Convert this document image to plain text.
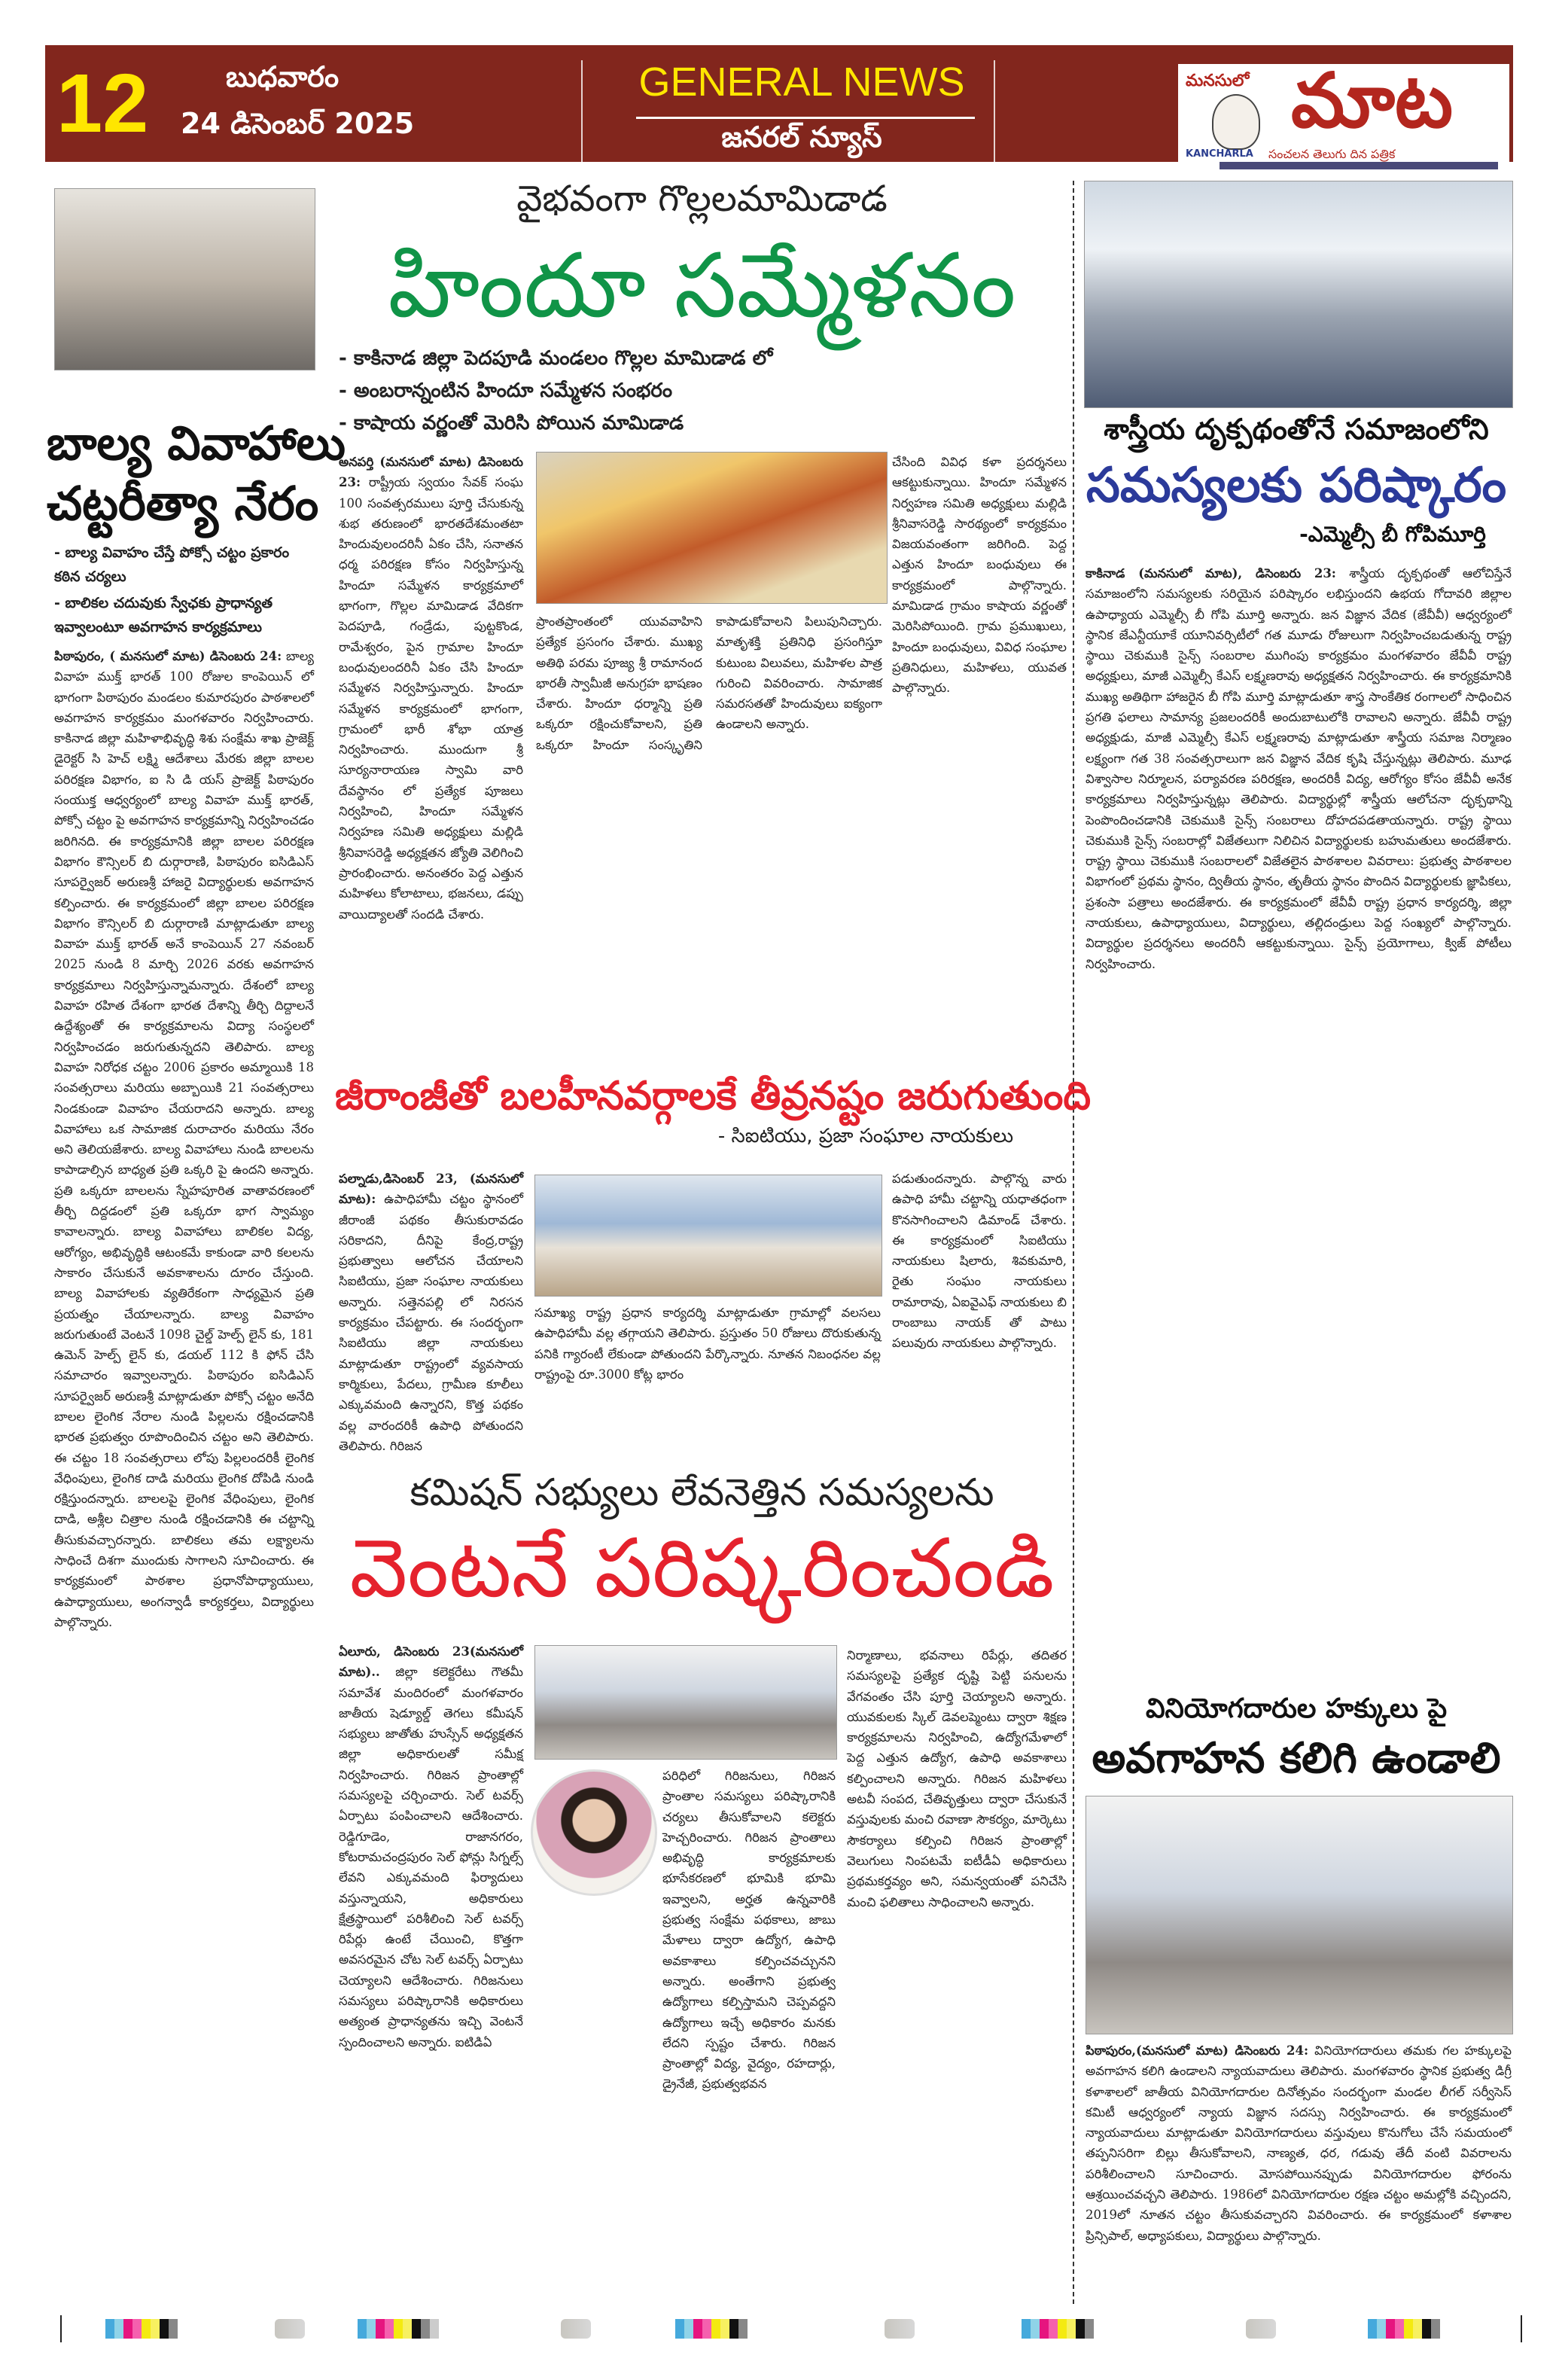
12	బుధవారం
24 డిసెంబర్ 2025
GENERAL NEWS
జనరల్ న్యూస్
మనసులో మాట
KANCHARLA సంచలన తెలుగు దిన పత్రిక
బాల్య వివాహాలు
చట్టరీత్యా నేరం
- బాల్య వివాహం చేస్తే పోక్సో చట్టం ప్రకారం కఠిన చర్యలు
- బాలికల చదువుకు స్వేఛకు ప్రాధాన్యత ఇవ్వాలంటూ అవగాహన కార్యక్రమాలు
పిఠాపురం, ( మనసులో మాట) డిసెంబరు 24: బాల్య వివాహ ముక్త్ భారత్ 100 రోజుల కాంపెయిన్ లో భాగంగా పిఠాపురం మండలం కుమారపురం పాఠశాలలో అవగాహన కార్యక్రమం మంగళవారం నిర్వహించారు. కాకినాడ జిల్లా మహిళాభివృద్ధి శిశు సంక్షేమ శాఖ ప్రాజెక్ట్ డైరెక్టర్ సి హెచ్ లక్ష్మి ఆదేశాలు మేరకు జిల్లా బాలల పరిరక్షణ విభాగం, ఐ సి డి యస్ ప్రాజెక్ట్ పిఠాపురం సంయుక్త ఆధ్వర్యంలో బాల్య వివాహ ముక్త్ భారత్, పోక్సో చట్టం పై అవగాహన కార్యక్రమాన్ని నిర్వహించడం జరిగినది. ఈ కార్యక్రమానికి జిల్లా బాలల పరిరక్షణ విభాగం కౌన్సిలర్ బి దుర్గారాణి, పిఠాపురం ఐసిడిఎస్ సూపర్వైజర్ అరుణశ్రీ హాజరై విద్యార్థులకు అవగాహన కల్పించారు. ఈ కార్యక్రమంలో జిల్లా బాలల పరిరక్షణ విభాగం కౌన్సిలర్ బి దుర్గారాణి మాట్లాడుతూ బాల్య వివాహ ముక్త్ భారత్ అనే కాంపెయిన్ 27 నవంబర్ 2025 నుండి 8 మార్చి 2026 వరకు అవగాహన కార్యక్రమాలు నిర్వహిస్తున్నామన్నారు. దేశంలో బాల్య వివాహ రహిత దేశంగా భారత దేశాన్ని తీర్చి దిద్దాలనే ఉద్దేశ్యంతో ఈ కార్యక్రమాలను విద్యా సంస్థలలో నిర్వహించడం జరుగుతున్నదని తెలిపారు. బాల్య వివాహ నిరోధక చట్టం 2006 ప్రకారం అమ్మాయికి 18 సంవత్సరాలు మరియు అబ్బాయికి 21 సంవత్సరాలు నిండకుండా వివాహం చేయరాదని అన్నారు. బాల్య వివాహాలు ఒక సామాజిక దురాచారం మరియు నేరం అని తెలియజేశారు. బాల్య వివాహాలు నుండి బాలలను కాపాడాల్సిన బాధ్యత ప్రతి ఒక్కరి పై ఉందని అన్నారు. ప్రతి ఒక్కరూ బాలలను స్నేహపూరిత వాతావరణంలో తీర్చి దిద్దడంలో ప్రతి ఒక్కరూ భాగ స్వామ్యం కావాలన్నారు. బాల్య వివాహాలు బాలికల విద్య, ఆరోగ్యం, అభివృద్ధికి ఆటంకమే కాకుండా వారి కలలను సాకారం చేసుకునే అవకాశాలను దూరం చేస్తుంది. బాల్య వివాహాలకు వ్యతిరేకంగా సాధ్యమైన ప్రతి ప్రయత్నం చేయాలన్నారు. బాల్య వివాహం జరుగుతుంటే వెంటనే 1098 చైల్డ్ హెల్ప్ లైన్ కు, 181 ఉమెన్ హెల్ప్ లైన్ కు, డయల్ 112 కి ఫోన్ చేసి సమాచారం ఇవ్వాలన్నారు. పిఠాపురం ఐసిడిఎస్ సూపర్వైజర్ అరుణశ్రీ మాట్లాడుతూ పోక్సో చట్టం అనేది బాలల లైంగిక నేరాల నుండి పిల్లలను రక్షించడానికి భారత ప్రభుత్వం రూపొందించిన చట్టం అని తెలిపారు. ఈ చట్టం 18 సంవత్సరాలు లోపు పిల్లలందరికీ లైంగిక వేధింపులు, లైంగిక దాడి మరియు లైంగిక దోపిడి నుండి రక్షిస్తుందన్నారు. బాలలపై లైంగిక వేధింపులు, లైంగిక దాడి, అశ్లీల చిత్రాల నుండి రక్షించడానికి ఈ చట్టాన్ని తీసుకువచ్చారన్నారు. బాలికలు తమ లక్ష్యాలను సాధించే దిశగా ముందుకు సాగాలని సూచించారు. ఈ కార్యక్రమంలో పాఠశాల ప్రధానోపాధ్యాయులు, ఉపాధ్యాయులు, అంగన్వాడీ కార్యకర్తలు, విద్యార్థులు పాల్గొన్నారు.
వైభవంగా గొల్లలమామిడాడ
హిందూ సమ్మేళనం
- కాకినాడ జిల్లా పెదపూడి మండలం గొల్లల మామిడాడ లో
- అంబరాన్నంటిన హిందూ సమ్మేళన సంభరం
- కాషాయ వర్ణంతో మెరిసి పోయిన మామిడాడ
అనపర్తి (మనసులో మాట) డిసెంబరు 23: రాష్ట్రీయ స్వయం సేవక్ సంఘ 100 సంవత్సరములు పూర్తి చేసుకున్న శుభ తరుణంలో భారతదేశమంతటా హిందువులందరినీ ఏకం చేసి, సనాతన ధర్మ పరిరక్షణ కోసం నిర్వహిస్తున్న హిందూ సమ్మేళన కార్యక్రమాలో భాగంగా, గొల్లల మామిడాడ వేదికగా పెదపూడి, గండ్రేడు, పుట్టకొండ, రామేశ్వరం, పైన గ్రామాల హిందూ బంధువులందరినీ ఏకం చేసి హిందూ సమ్మేళన నిర్వహిస్తున్నారు. హిందూ సమ్మేళన కార్యక్రమంలో భాగంగా, గ్రామంలో భారీ శోభా యాత్ర నిర్వహించారు. ముందుగా శ్రీ సూర్యనారాయణ స్వామి వారి దేవస్థానం లో ప్రత్యేక పూజలు నిర్వహించి, హిందూ సమ్మేళన నిర్వహణ సమితి అధ్యక్షులు మల్లిడి శ్రీనివాసరెడ్డి అధ్యక్షతన జ్యోతి వెలిగించి ప్రారంభించారు. అనంతరం పెద్ద ఎత్తున మహిళలు కోలాటాలు, భజనలు, డప్పు వాయిద్యాలతో సందడి చేశారు.
ప్రాంతప్రాంతంలో యువవాహిని ప్రత్యేక ప్రసంగం చేశారు. ముఖ్య అతిథి పరమ పూజ్య శ్రీ రామానంద భారతీ స్వామీజీ అనుగ్రహ భాషణం చేశారు. హిందూ ధర్మాన్ని ప్రతి ఒక్కరూ రక్షించుకోవాలని, ప్రతి ఒక్కరూ హిందూ సంస్కృతిని కాపాడుకోవాలని పిలుపునిచ్చారు. మాతృశక్తి ప్రతినిధి ప్రసంగిస్తూ కుటుంబ విలువలు, మహిళల పాత్ర గురించి వివరించారు. సామాజిక సమరసతతో హిందువులు ఐక్యంగా ఉండాలని అన్నారు.
చేసింది వివిధ కళా ప్రదర్శనలు ఆకట్టుకున్నాయి. హిందూ సమ్మేళన నిర్వహణ సమితి అధ్యక్షులు మల్లిడి శ్రీనివాసరెడ్డి సారథ్యంలో కార్యక్రమం విజయవంతంగా జరిగింది. పెద్ద ఎత్తున హిందూ బంధువులు ఈ కార్యక్రమంలో పాల్గొన్నారు. మామిడాడ గ్రామం కాషాయ వర్ణంతో మెరిసిపోయింది. గ్రామ ప్రముఖులు, హిందూ బంధువులు, వివిధ సంఘాల ప్రతినిధులు, మహిళలు, యువత పాల్గొన్నారు.
జీరాంజీతో బలహీనవర్గాలకే తీవ్రనష్టం జరుగుతుంది
- సిఐటియు, ప్రజా సంఘాల నాయకులు
పల్నాడు,డిసెంబర్ 23, (మనసులో మాట): ఉపాధిహామీ చట్టం స్థానంలో జీరాంజీ పథకం తీసుకురావడం సరికాదని, దీనిపై కేంద్ర,రాష్ట్ర ప్రభుత్వాలు ఆలోచన చేయాలని సిఐటియు, ప్రజా సంఘాల నాయకులు అన్నారు. సత్తెనపల్లి లో నిరసన కార్యక్రమం చేపట్టారు. ఈ సందర్భంగా సిఐటియు జిల్లా నాయకులు మాట్లాడుతూ రాష్ట్రంలో వ్యవసాయ కార్మికులు, పేదలు, గ్రామీణ కూలీలు ఎక్కువమంది ఉన్నారని, కొత్త పథకం వల్ల వారందరికీ ఉపాధి పోతుందని తెలిపారు. గిరిజన
సమాఖ్య రాష్ట్ర ప్రధాన కార్యదర్శి మాట్లాడుతూ గ్రామాల్లో వలసలు ఉపాధిహామీ వల్ల తగ్గాయని తెలిపారు. ప్రస్తుతం 50 రోజులు దొరుకుతున్న పనికి గ్యారంటీ లేకుండా పోతుందని పేర్కొన్నారు. నూతన నిబంధనల వల్ల రాష్ట్రంపై రూ.3000 కోట్ల భారం
పడుతుందన్నారు. పాల్గొన్న వారు ఉపాధి హామీ చట్టాన్ని యధాతధంగా కొనసాగించాలని డిమాండ్ చేశారు. ఈ కార్యక్రమంలో సిఐటియు నాయకులు షిలారు, శివకుమారి, రైతు సంఘం నాయకులు రామారావు, ఏఐవైఎఫ్ నాయకులు బి రాంబాబు నాయక్ తో పాటు పలువురు నాయకులు పాల్గొన్నారు.
కమిషన్ సభ్యులు లేవనెత్తిన సమస్యలను
వెంటనే పరిష్కరించండి
ఏలూరు, డిసెంబరు 23(మనసులో మాట).. జిల్లా కలెక్టరేటు గౌతమీ సమావేశ మందిరంలో మంగళవారం జాతీయ షెడ్యూల్డ్ తెగలు కమీషన్ సభ్యులు జాతోతు హుస్సేన్ అధ్యక్షతన జిల్లా అధికారులతో సమీక్ష నిర్వహించారు. గిరిజన ప్రాంతాల్లో సమస్యలపై చర్చించారు. సెల్ టవర్స్ ఏర్పాటు పంపించాలని ఆదేశించారు. రెడ్డిగూడెం, రాజానగరం, కోటరామచంద్రపురం సెల్ ఫోన్లు సిగ్నల్స్ లేవని ఎక్కువమంది ఫిర్యాదులు వస్తున్నాయని, అధికారులు క్షేత్రస్థాయిలో పరిశీలించి సెల్ టవర్స్ రిపేర్లు ఉంటే చేయించి, కొత్తగా అవసరమైన చోట సెల్ టవర్స్ ఏర్పాటు చెయ్యాలని ఆదేశించారు. గిరిజనులు సమస్యలు పరిష్కారానికి అధికారులు అత్యంత ప్రాధాన్యతను ఇచ్చి వెంటనే స్పందించాలని అన్నారు. ఐటిడిఏ
పరిధిలో గిరిజనులు, గిరిజన ప్రాంతాల సమస్యలు పరిష్కారానికి చర్యలు తీసుకోవాలని కలెక్టరు హెచ్చరించారు. గిరిజన ప్రాంతాలు అభివృద్ధి కార్యక్రమాలకు భూసేకరణలో భూమికి భూమి ఇవ్వాలని, అర్హత ఉన్నవారికి ప్రభుత్వ సంక్షేమ పథకాలు, జాబు మేళాలు ద్వారా ఉద్యోగ, ఉపాధి అవకాశాలు కల్పించవచ్చునని అన్నారు. అంతేగాని ప్రభుత్వ ఉద్యోగాలు కల్పిస్తామని చెప్పవద్దని ఉద్యోగాలు ఇచ్చే అధికారం మనకు లేదని స్పష్టం చేశారు. గిరిజన ప్రాంతాల్లో విద్య, వైద్యం, రహదార్లు, డ్రైనేజీ, ప్రభుత్వభవన
నిర్మాణాలు, భవనాలు రిపేర్లు, తదితర సమస్యలపై ప్రత్యేక దృష్టి పెట్టి పనులను వేగవంతం చేసి పూర్తి చెయ్యాలని అన్నారు. యువకులకు స్కిల్ డెవలప్మెంటు ద్వారా శిక్షణ కార్యక్రమాలను నిర్వహించి, ఉద్యోగమేళాలో పెద్ద ఎత్తున ఉద్యోగ, ఉపాధి అవకాశాలు కల్పించాలని అన్నారు. గిరిజన మహిళలు అటవీ సంపద, చేతివృత్తులు ద్వారా చేసుకునే వస్తువులకు మంచి రవాణా సౌకర్యం, మార్కెటు సౌకర్యాలు కల్పించి గిరిజన ప్రాంతాల్లో వెలుగులు నింపటమే ఐటీడీఏ అధికారులు ప్రథమకర్తవ్యం అని, సమన్వయంతో పనిచేసి మంచి ఫలితాలు సాధించాలని అన్నారు.
శాస్త్రీయ దృక్పథంతోనే సమాజంలోని
సమస్యలకు పరిష్కారం
-ఎమ్మెల్సీ బీ గోపిమూర్తి
కాకినాడ (మనసులో మాట), డిసెంబరు 23: శాస్త్రీయ దృక్పథంతో ఆలోచిస్తేనే సమాజంలోని సమస్యలకు సరియైన పరిష్కారం లభిస్తుందని ఉభయ గోదావరి జిల్లాల ఉపాధ్యాయ ఎమ్మెల్సీ బీ గోపి మూర్తి అన్నారు. జన విజ్ఞాన వేదిక (జేవీవీ) ఆధ్వర్యంలో స్థానిక జేఎన్టీయూకే యూనివర్సిటీలో గత మూడు రోజులుగా నిర్వహించబడుతున్న రాష్ట్ర స్థాయి చెకుముకి సైన్స్ సంబరాల ముగింపు కార్యక్రమం మంగళవారం జేవీవీ రాష్ట్ర అధ్యక్షులు, మాజీ ఎమ్మెల్సీ కేఎస్ లక్ష్మణరావు అధ్యక్షతన నిర్వహించారు. ఈ కార్యక్రమానికి ముఖ్య అతిథిగా హాజరైన బీ గోపి మూర్తి మాట్లాడుతూ శాస్త్ర సాంకేతిక రంగాలలో సాధించిన ప్రగతి ఫలాలు సామాన్య ప్రజలందరికీ అందుబాటులోకి రావాలని అన్నారు. జేవీవీ రాష్ట్ర అధ్యక్షుడు, మాజీ ఎమ్మెల్సీ కేఎస్ లక్ష్మణరావు మాట్లాడుతూ శాస్త్రీయ సమాజ నిర్మాణం లక్ష్యంగా గత 38 సంవత్సరాలుగా జన విజ్ఞాన వేదిక కృషి చేస్తున్నట్లు తెలిపారు. మూఢ విశ్వాసాల నిర్మూలన, పర్యావరణ పరిరక్షణ, అందరికీ విద్య, ఆరోగ్యం కోసం జేవీవీ అనేక కార్యక్రమాలు నిర్వహిస్తున్నట్లు తెలిపారు. విద్యార్థుల్లో శాస్త్రీయ ఆలోచనా దృక్పథాన్ని పెంపొందించడానికి చెకుముకి సైన్స్ సంబరాలు దోహదపడతాయన్నారు. రాష్ట్ర స్థాయి చెకుముకి సైన్స్ సంబరాల్లో విజేతలుగా నిలిచిన విద్యార్థులకు బహుమతులు అందజేశారు. రాష్ట్ర స్థాయి చెకుముకి సంబరాలలో విజేతలైన పాఠశాలల వివరాలు: ప్రభుత్వ పాఠశాలల విభాగంలో ప్రథమ స్థానం, ద్వితీయ స్థానం, తృతీయ స్థానం పొందిన విద్యార్థులకు జ్ఞాపికలు, ప్రశంసా పత్రాలు అందజేశారు. ఈ కార్యక్రమంలో జేవీవీ రాష్ట్ర ప్రధాన కార్యదర్శి, జిల్లా నాయకులు, ఉపాధ్యాయులు, విద్యార్థులు, తల్లిదండ్రులు పెద్ద సంఖ్యలో పాల్గొన్నారు. విద్యార్థుల ప్రదర్శనలు అందరినీ ఆకట్టుకున్నాయి. సైన్స్ ప్రయోగాలు, క్విజ్ పోటీలు నిర్వహించారు.
వినియోగదారుల హక్కులు పై
అవగాహన కలిగి ఉండాలి
పిఠాపురం,(మనసులో మాట) డిసెంబరు 24: వినియోగదారులు తమకు గల హక్కులపై అవగాహన కలిగి ఉండాలని న్యాయవాదులు తెలిపారు. మంగళవారం స్థానిక ప్రభుత్వ డిగ్రీ కళాశాలలో జాతీయ వినియోగదారుల దినోత్సవం సందర్భంగా మండల లీగల్ సర్వీసెస్ కమిటీ ఆధ్వర్యంలో న్యాయ విజ్ఞాన సదస్సు నిర్వహించారు. ఈ కార్యక్రమంలో న్యాయవాదులు మాట్లాడుతూ వినియోగదారులు వస్తువులు కొనుగోలు చేసే సమయంలో తప్పనిసరిగా బిల్లు తీసుకోవాలని, నాణ్యత, ధర, గడువు తేదీ వంటి వివరాలను పరిశీలించాలని సూచించారు. మోసపోయినప్పుడు వినియోగదారుల ఫోరంను ఆశ్రయించవచ్చని తెలిపారు. 1986లో వినియోగదారుల రక్షణ చట్టం అమల్లోకి వచ్చిందని, 2019లో నూతన చట్టం తీసుకువచ్చారని వివరించారు. ఈ కార్యక్రమంలో కళాశాల ప్రిన్సిపాల్, అధ్యాపకులు, విద్యార్థులు పాల్గొన్నారు.
